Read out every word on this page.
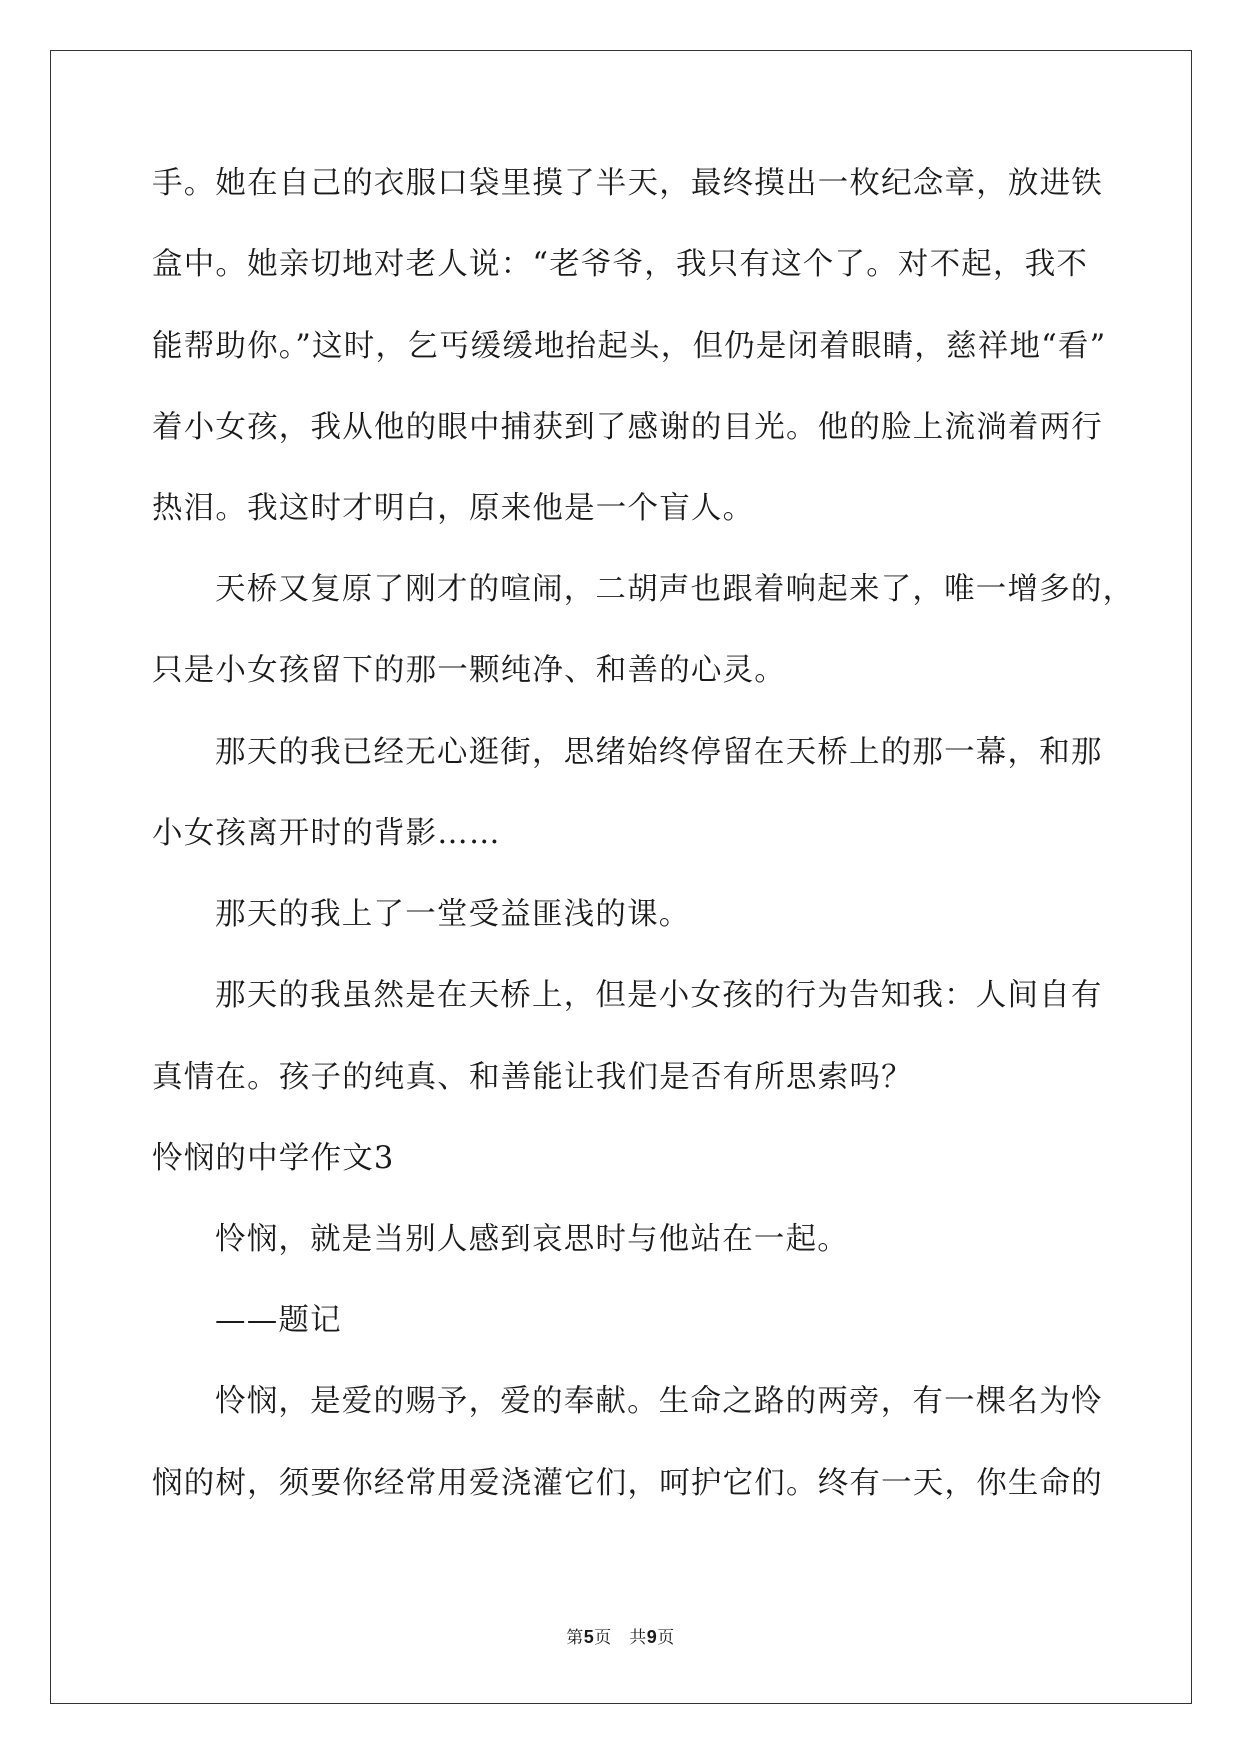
手。她在自己的衣服口袋里摸了半天，最终摸出一枚纪念章，放进铁
盒中。她亲切地对老人说：“老爷爷，我只有这个了。对不起，我不
能帮助你。”这时，乞丐缓缓地抬起头，但仍是闭着眼睛，慈祥地“看”
着小女孩，我从他的眼中捕获到了感谢的目光。他的脸上流淌着两行
热泪。我这时才明白，原来他是一个盲人。
天桥又复原了刚才的喧闹，二胡声也跟着响起来了，唯一增多的，
只是小女孩留下的那一颗纯净、和善的心灵。
那天的我已经无心逛街，思绪始终停留在天桥上的那一幕，和那
小女孩离开时的背影……
那天的我上了一堂受益匪浅的课。
那天的我虽然是在天桥上，但是小女孩的行为告知我：人间自有
真情在。孩子的纯真、和善能让我们是否有所思索吗？
怜悯的中学作文3
怜悯，就是当别人感到哀思时与他站在一起。
——题记
怜悯，是爱的赐予，爱的奉献。生命之路的两旁，有一棵名为怜
悯的树，须要你经常用爱浇灌它们，呵护它们。终有一天，你生命的
第5页　共9页
